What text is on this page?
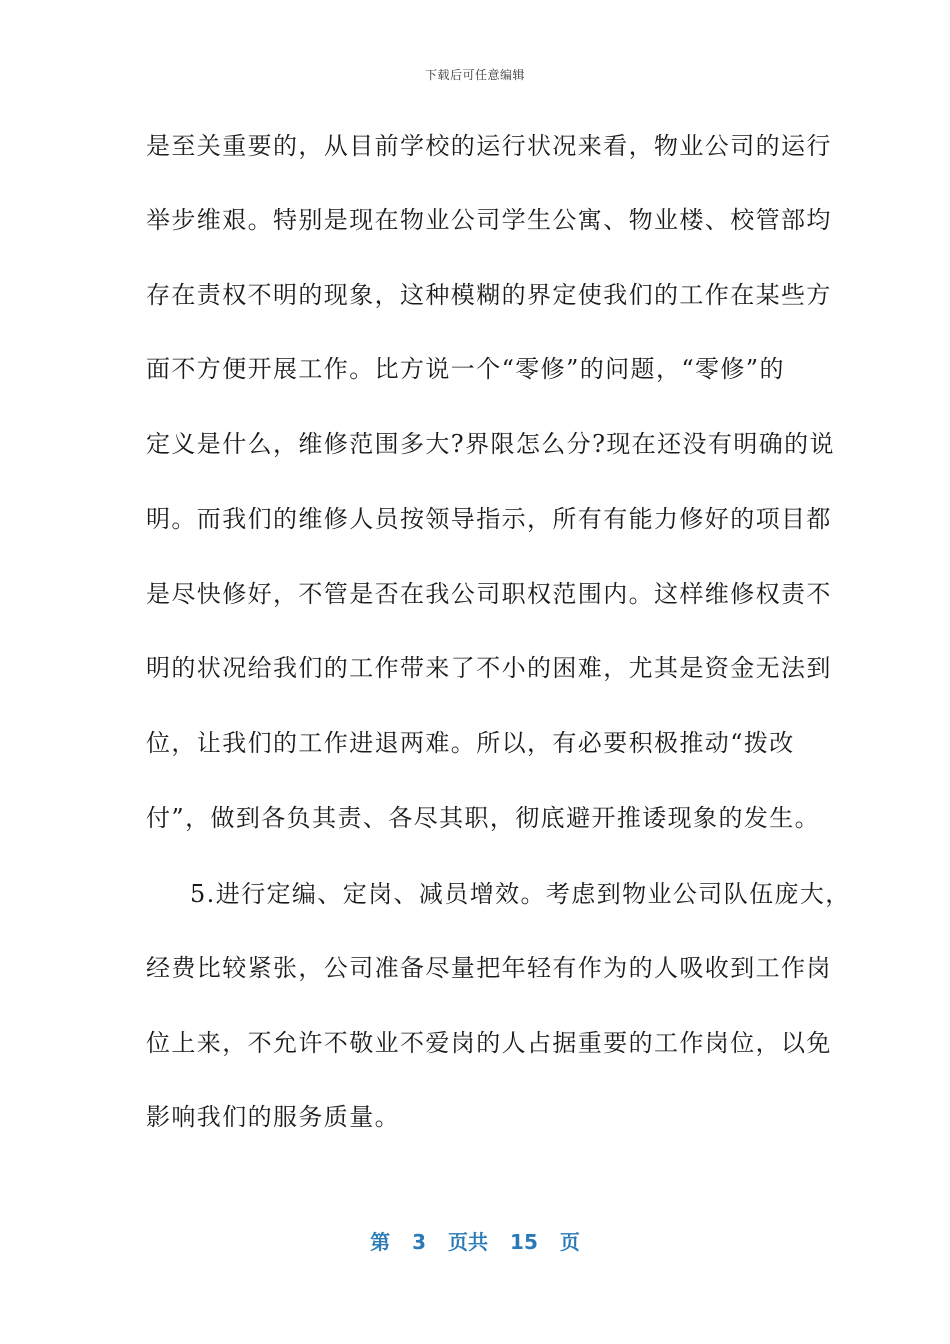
下载后可任意编辑

是至关重要的，从目前学校的运行状况来看，物业公司的运行

举步维艰。特别是现在物业公司学生公寓、物业楼、校管部均

存在责权不明的现象，这种模糊的界定使我们的工作在某些方

面不方便开展工作。比方说一个“零修”的问题，“零修”的

定义是什么，维修范围多大?界限怎么分?现在还没有明确的说

明。而我们的维修人员按领导指示，所有有能力修好的项目都

是尽快修好，不管是否在我公司职权范围内。这样维修权责不

明的状况给我们的工作带来了不小的困难，尤其是资金无法到

位，让我们的工作进退两难。所以，有必要积极推动“拨改

付”，做到各负其责、各尽其职，彻底避开推诿现象的发生。

5.进行定编、定岗、减员增效。考虑到物业公司队伍庞大，

经费比较紧张，公司准备尽量把年轻有作为的人吸收到工作岗

位上来，不允许不敬业不爱岗的人占据重要的工作岗位，以免

影响我们的服务质量。

第 3 页共 15 页
